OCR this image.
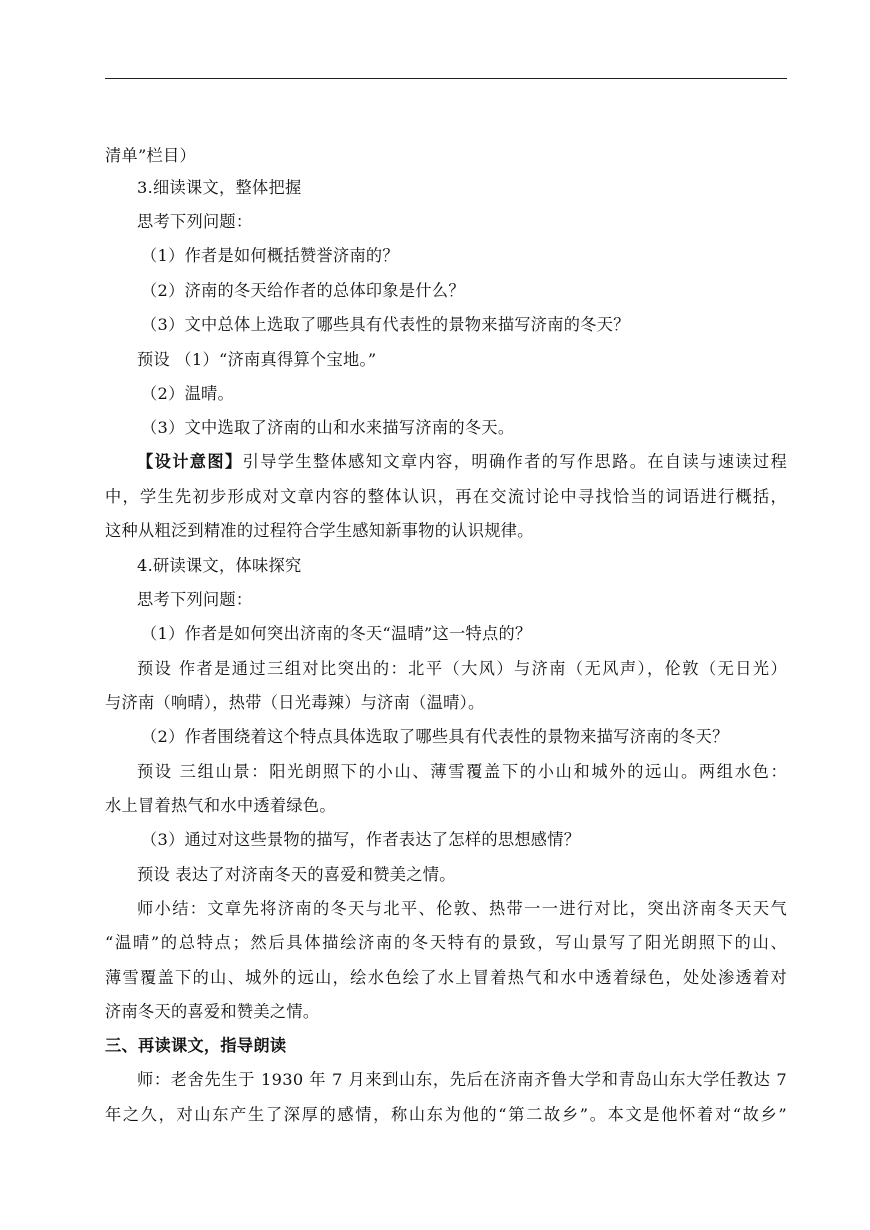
清单”栏目）
3.细读课文，整体把握
思考下列问题：
（1）作者是如何概括赞誉济南的？
（2）济南的冬天给作者的总体印象是什么？
（3）文中总体上选取了哪些具有代表性的景物来描写济南的冬天？
预设 （1）“济南真得算个宝地。”
（2）温晴。
（3）文中选取了济南的山和水来描写济南的冬天。
【设计意图】引导学生整体感知文章内容，明确作者的写作思路。在自读与速读过程
中，学生先初步形成对文章内容的整体认识，再在交流讨论中寻找恰当的词语进行概括，
这种从粗泛到精准的过程符合学生感知新事物的认识规律。
4.研读课文，体味探究
思考下列问题：
（1）作者是如何突出济南的冬天“温晴”这一特点的？
预设 作者是通过三组对比突出的：北平（大风）与济南（无风声），伦敦（无日光）
与济南（响晴），热带（日光毒辣）与济南（温晴）。
（2）作者围绕着这个特点具体选取了哪些具有代表性的景物来描写济南的冬天？
预设 三组山景：阳光朗照下的小山、薄雪覆盖下的小山和城外的远山。两组水色：
水上冒着热气和水中透着绿色。
（3）通过对这些景物的描写，作者表达了怎样的思想感情？
预设 表达了对济南冬天的喜爱和赞美之情。
师小结：文章先将济南的冬天与北平、伦敦、热带一一进行对比，突出济南冬天天气
“温晴”的总特点；然后具体描绘济南的冬天特有的景致，写山景写了阳光朗照下的山、
薄雪覆盖下的山、城外的远山，绘水色绘了水上冒着热气和水中透着绿色，处处渗透着对
济南冬天的喜爱和赞美之情。
三、再读课文，指导朗读
师：老舍先生于 1930 年 7 月来到山东，先后在济南齐鲁大学和青岛山东大学任教达 7
年之久，对山东产生了深厚的感情，称山东为他的“第二故乡”。本文是他怀着对“故乡”
